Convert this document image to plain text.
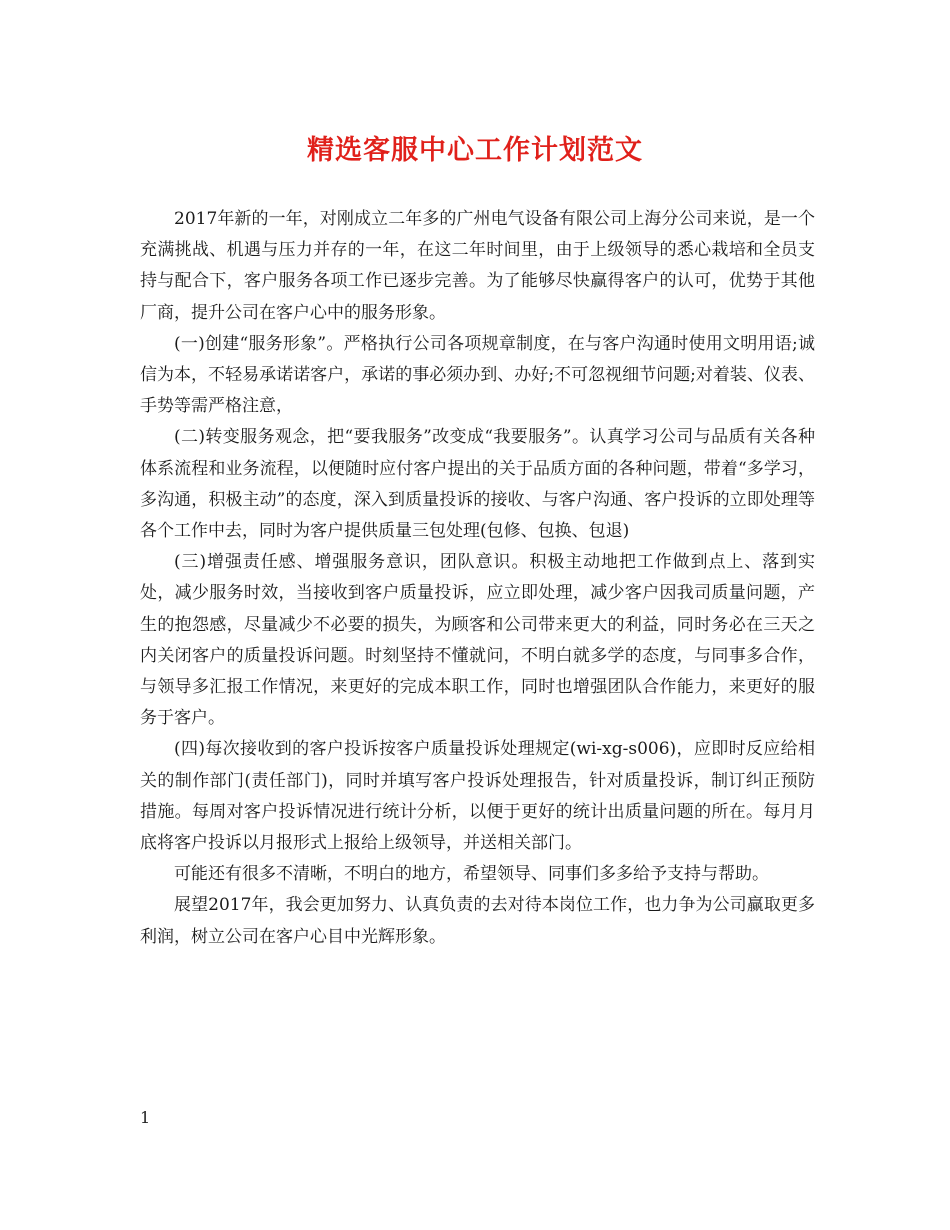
精选客服中心工作计划范文

2017年新的一年，对刚成立二年多的广州电气设备有限公司上海分公司来说，是一个充满挑战、机遇与压力并存的一年，在这二年时间里，由于上级领导的悉心栽培和全员支持与配合下，客户服务各项工作已逐步完善。为了能够尽快赢得客户的认可，优势于其他厂商，提升公司在客户心中的服务形象。

(一)创建“服务形象”。严格执行公司各项规章制度，在与客户沟通时使用文明用语;诚信为本，不轻易承诺诺客户，承诺的事必须办到、办好;不可忽视细节问题;对着装、仪表、手势等需严格注意，

(二)转变服务观念，把“要我服务”改变成“我要服务”。认真学习公司与品质有关各种体系流程和业务流程，以便随时应付客户提出的关于品质方面的各种问题，带着“多学习，多沟通，积极主动”的态度，深入到质量投诉的接收、与客户沟通、客户投诉的立即处理等各个工作中去，同时为客户提供质量三包处理(包修、包换、包退)

(三)增强责任感、增强服务意识，团队意识。积极主动地把工作做到点上、落到实处，减少服务时效，当接收到客户质量投诉，应立即处理，减少客户因我司质量问题，产生的抱怨感，尽量减少不必要的损失，为顾客和公司带来更大的利益，同时务必在三天之内关闭客户的质量投诉问题。时刻坚持不懂就问，不明白就多学的态度，与同事多合作，与领导多汇报工作情况，来更好的完成本职工作，同时也增强团队合作能力，来更好的服务于客户。

(四)每次接收到的客户投诉按客户质量投诉处理规定(wi-xg-s006)，应即时反应给相关的制作部门(责任部门)，同时并填写客户投诉处理报告，针对质量投诉，制订纠正预防措施。每周对客户投诉情况进行统计分析，以便于更好的统计出质量问题的所在。每月月底将客户投诉以月报形式上报给上级领导，并送相关部门。

可能还有很多不清晰，不明白的地方，希望领导、同事们多多给予支持与帮助。

展望2017年，我会更加努力、认真负责的去对待本岗位工作，也力争为公司赢取更多利润，树立公司在客户心目中光辉形象。

1
